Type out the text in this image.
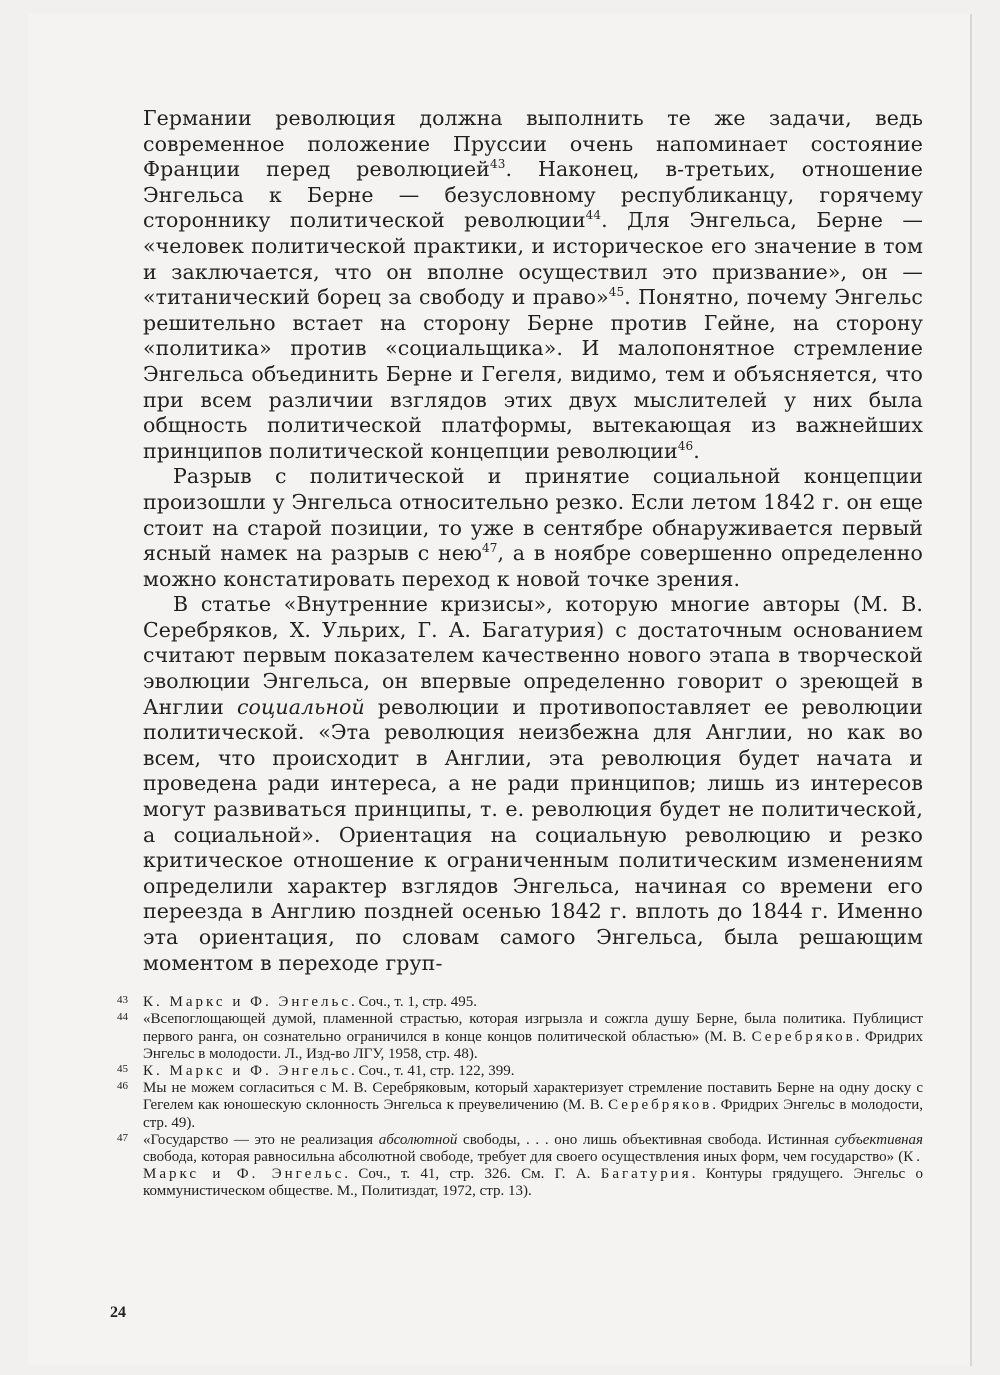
Германии революция должна выполнить те же задачи, ведь современное положение Пруссии очень напоминает состояние Франции перед революцией$^{43}$. Наконец, в-третьих, отношение Энгельса к Берне — безусловному республиканцу, горячему стороннику политической революции$^{44}$. Для Энгельса, Берне — «человек политической практики, и историческое его значение в том и заключается, что он вполне осуществил это призвание», он — «титанический борец за свободу и право»$^{45}$. Понятно, почему Энгельс решительно встает на сторону Берне против Гейне, на сторону «политика» против «социальщика». И малопонятное стремление Энгельса объединить Берне и Гегеля, видимо, тем и объясняется, что при всем различии взглядов этих двух мыслителей у них была общность политической платформы, вытекающая из важнейших принципов политической концепции революции$^{46}$.

Разрыв с политической и принятие социальной концепции произошли у Энгельса относительно резко. Если летом 1842 г. он еще стоит на старой позиции, то уже в сентябре обнаруживается первый ясный намек на разрыв с нею$^{47}$, а в ноябре совершенно определенно можно констатировать переход к новой точке зрения.

В статье «Внутренние кризисы», которую многие авторы (М. В. Серебряков, Х. Ульрих, Г. А. Багатурия) с достаточным основанием считают первым показателем качественно нового этапа в творческой эволюции Энгельса, он впервые определенно говорит о зреющей в Англии социальной революции и противопоставляет ее революции политической. «Эта революция неизбежна для Англии, но как во всем, что происходит в Англии, эта революция будет начата и проведена ради интереса, а не ради принципов; лишь из интересов могут развиваться принципы, т. е. революция будет не политической, а социальной». Ориентация на социальную революцию и резко критическое отношение к ограниченным политическим изменениям определили характер взглядов Энгельса, начиная со времени его переезда в Англию поздней осенью 1842 г. вплоть до 1844 г. Именно эта ориентация, по словам самого Энгельса, была решающим моментом в переходе груп-

43 К. Маркс и Ф. Энгельс. Соч., т. 1, стр. 495.

44 «Всепоглощающей думой, пламенной страстью, которая изгрызла и сожгла душу Берне, была политика. Публицист первого ранга, он сознательно ограничился в конце концов политической областью» (М. В. Серебряков. Фридрих Энгельс в молодости. Л., Изд-во ЛГУ, 1958, стр. 48).

45 К. Маркс и Ф. Энгельс. Соч., т. 41, стр. 122, 399.

46 Мы не можем согласиться с М. В. Серебряковым, который характеризует стремление поставить Берне на одну доску с Гегелем как юношескую склонность Энгельса к преувеличению (М. В. Серебряков. Фридрих Энгельс в молодости, стр. 49).

47 «Государство — это не реализация абсолютной свободы, . . . оно лишь объективная свобода. Истинная субъективная свобода, которая равносильна абсолютной свободе, требует для своего осуществления иных форм, чем государство» (К. Маркс и Ф. Энгельс. Соч., т. 41, стр. 326. См. Г. А. Багатурия. Контуры грядущего. Энгельс о коммунистическом обществе. М., Политиздат, 1972, стр. 13).

24
